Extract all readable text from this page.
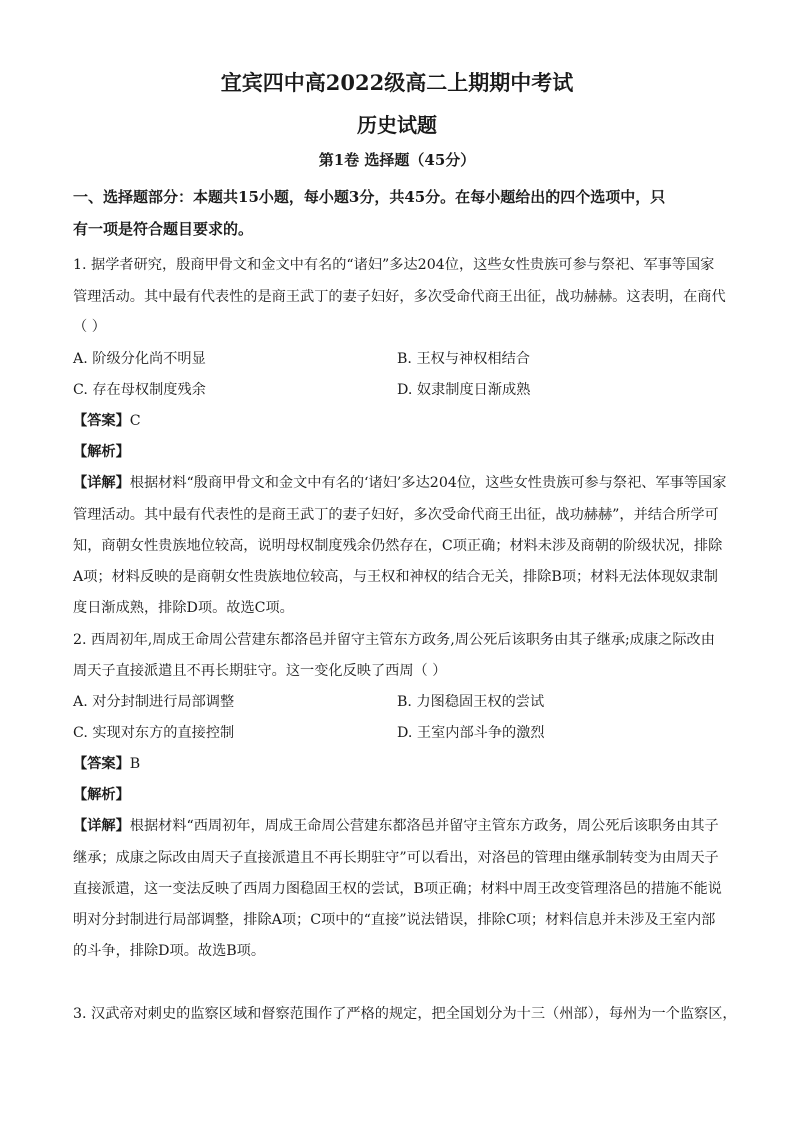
宜宾四中高2022级高二上期期中考试
历史试题
第1卷 选择题（45分）
一、选择题部分：本题共15小题，每小题3分，共45分。在每小题给出的四个选项中，只
有一项是符合题目要求的。
1. 据学者研究，殷商甲骨文和金文中有名的“诸妇”多达204位，这些女性贵族可参与祭祀、军事等国家
管理活动。其中最有代表性的是商王武丁的妻子妇好，多次受命代商王出征，战功赫赫。这表明，在商代
（ ）
A. 阶级分化尚不明显	B. 王权与神权相结合
C. 存在母权制度残余	D. 奴隶制度日渐成熟
【答案】C
【解析】
【详解】根据材料“殷商甲骨文和金文中有名的‘诸妇’多达204位，这些女性贵族可参与祭祀、军事等国家
管理活动。其中最有代表性的是商王武丁的妻子妇好，多次受命代商王出征，战功赫赫”，并结合所学可
知，商朝女性贵族地位较高，说明母权制度残余仍然存在，C项正确；材料未涉及商朝的阶级状况，排除
A项；材料反映的是商朝女性贵族地位较高，与王权和神权的结合无关，排除B项；材料无法体现奴隶制
度日渐成熟，排除D项。故选C项。
2. 西周初年,周成王命周公营建东都洛邑并留守主管东方政务,周公死后该职务由其子继承;成康之际改由
周天子直接派遣且不再长期驻守。这一变化反映了西周（ ）
A. 对分封制进行局部调整	B. 力图稳固王权的尝试
C. 实现对东方的直接控制	D. 王室内部斗争的激烈
【答案】B
【解析】
【详解】根据材料“西周初年，周成王命周公营建东都洛邑并留守主管东方政务，周公死后该职务由其子
继承；成康之际改由周天子直接派遣且不再长期驻守”可以看出，对洛邑的管理由继承制转变为由周天子
直接派遣，这一变法反映了西周力图稳固王权的尝试，B项正确；材料中周王改变管理洛邑的措施不能说
明对分封制进行局部调整，排除A项；C项中的“直接”说法错误，排除C项；材料信息并未涉及王室内部
的斗争，排除D项。故选B项。
3. 汉武帝对刺史的监察区域和督察范围作了严格的规定，把全国划分为十三（州部），每州为一个监察区，
